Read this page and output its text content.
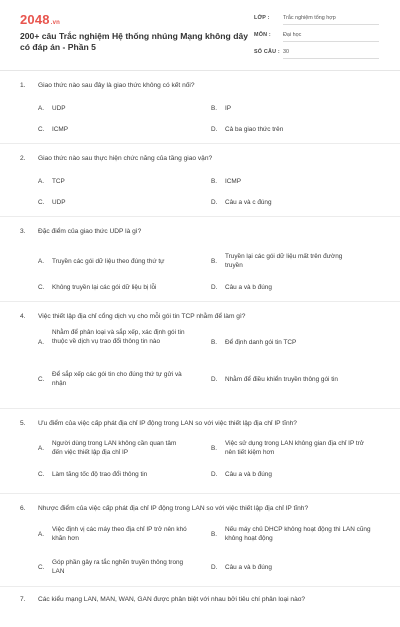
2048.vn
200+ câu Trắc nghiệm Hệ thống nhúng Mạng không dây có đáp án - Phần 5
LỚP : Trắc nghiệm tổng hợp
MÔN : Đại học
SỐ CÂU : 30
1. Giao thức nào sau đây là giao thức không có kết nối?
A. UDP	B. IP
C. ICMP	D. Cả ba giao thức trên
2. Giao thức nào sau thực hiện chức năng của tầng giao vận?
A. TCP	B. ICMP
C. UDP	D. Câu a và c đúng
3. Đặc điểm của giao thức UDP là gì?
A. Truyền các gói dữ liệu theo đúng thứ tự	B.
Truyền lại các gói dữ liệu mất trên đường truyền
C. Không truyền lại các gói dữ liệu bị lỗi	D. Câu a và b đúng
4. Việc thiết lập địa chỉ cổng dịch vụ cho mỗi gói tin TCP nhằm để làm gì?
A.
Nhằm để phân loại và sắp xếp, xác định gói tin thuộc về dịch vụ trao đổi thông tin nào	B. Để định danh gói tin TCP
C.
Để sắp xếp các gói tin cho đúng thứ tự gửi và nhận
D. Nhằm để điều khiển truyền thông gói tin
5. Ưu điểm của việc cấp phát địa chỉ IP động trong LAN so với việc thiết lập địa chỉ IP tĩnh?
A.
Người dùng trong LAN không cần quan tâm đến việc thiết lập địa chỉ IP
B.
Việc sử dụng trong LAN không gian địa chỉ IP trở nên tiết kiệm hơn
C. Làm tăng tốc độ trao đổi thông tin	D. Câu a và b đúng
6. Nhược điểm của việc cấp phát địa chỉ IP động trong LAN so với việc thiết lập địa chỉ IP tĩnh?
A.
Việc định vị các máy theo địa chỉ IP trở nên khó khăn hơn
B.
Nếu máy chủ DHCP không hoạt động thì LAN cũng không hoạt động
C.
Góp phần gây ra tắc nghẽn truyền thông trong LAN
D. Câu a và b đúng
7. Các kiểu mạng LAN, MAN, WAN, GAN được phân biệt với nhau bởi tiêu chí phân loại nào?
